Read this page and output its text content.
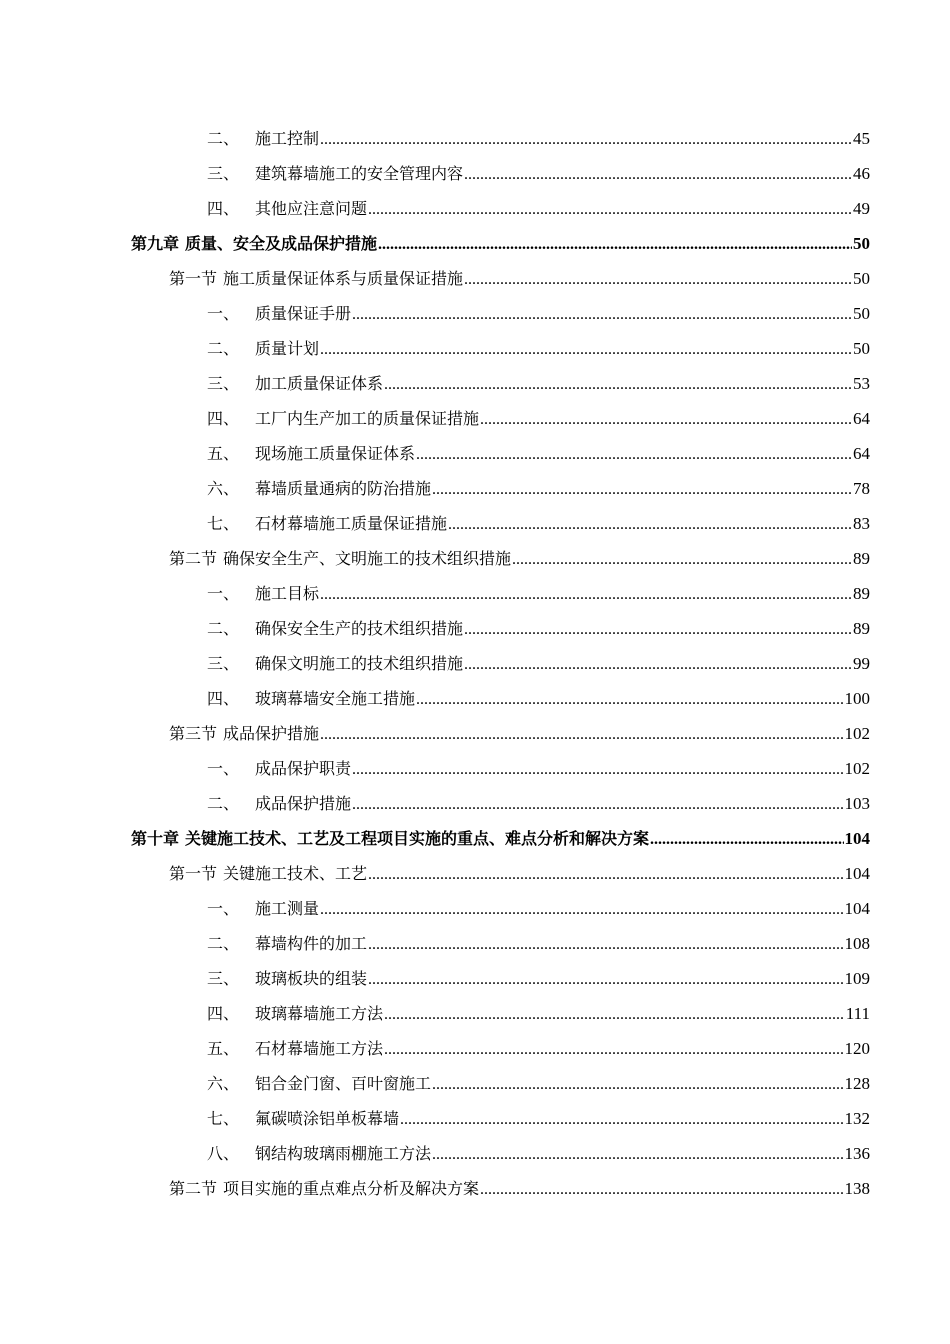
二、 施工控制 .....	45
三、 建筑幕墙施工的安全管理内容 .....	46
四、 其他应注意问题 .....	49
第九章 质量、安全及成品保护措施 .....	50
第一节 施工质量保证体系与质量保证措施 .....	50
一、 质量保证手册 .....	50
二、 质量计划 .....	50
三、 加工质量保证体系 .....	53
四、 工厂内生产加工的质量保证措施 .....	64
五、 现场施工质量保证体系 .....	64
六、 幕墙质量通病的防治措施 .....	78
七、 石材幕墙施工质量保证措施 .....	83
第二节 确保安全生产、文明施工的技术组织措施 .....	89
一、 施工目标 .....	89
二、 确保安全生产的技术组织措施 .....	89
三、 确保文明施工的技术组织措施 .....	99
四、 玻璃幕墙安全施工措施 .....	100
第三节 成品保护措施 .....	102
一、 成品保护职责 .....	102
二、 成品保护措施 .....	103
第十章 关键施工技术、工艺及工程项目实施的重点、难点分析和解决方案 .....	104
第一节 关键施工技术、工艺 .....	104
一、 施工测量 .....	104
二、 幕墙构件的加工 .....	108
三、 玻璃板块的组装 .....	109
四、 玻璃幕墙施工方法 .....	111
五、 石材幕墙施工方法 .....	120
六、 铝合金门窗、百叶窗施工 .....	128
七、 氟碳喷涂铝单板幕墙 .....	132
八、 钢结构玻璃雨棚施工方法 .....	136
第二节 项目实施的重点难点分析及解决方案 .....	138
